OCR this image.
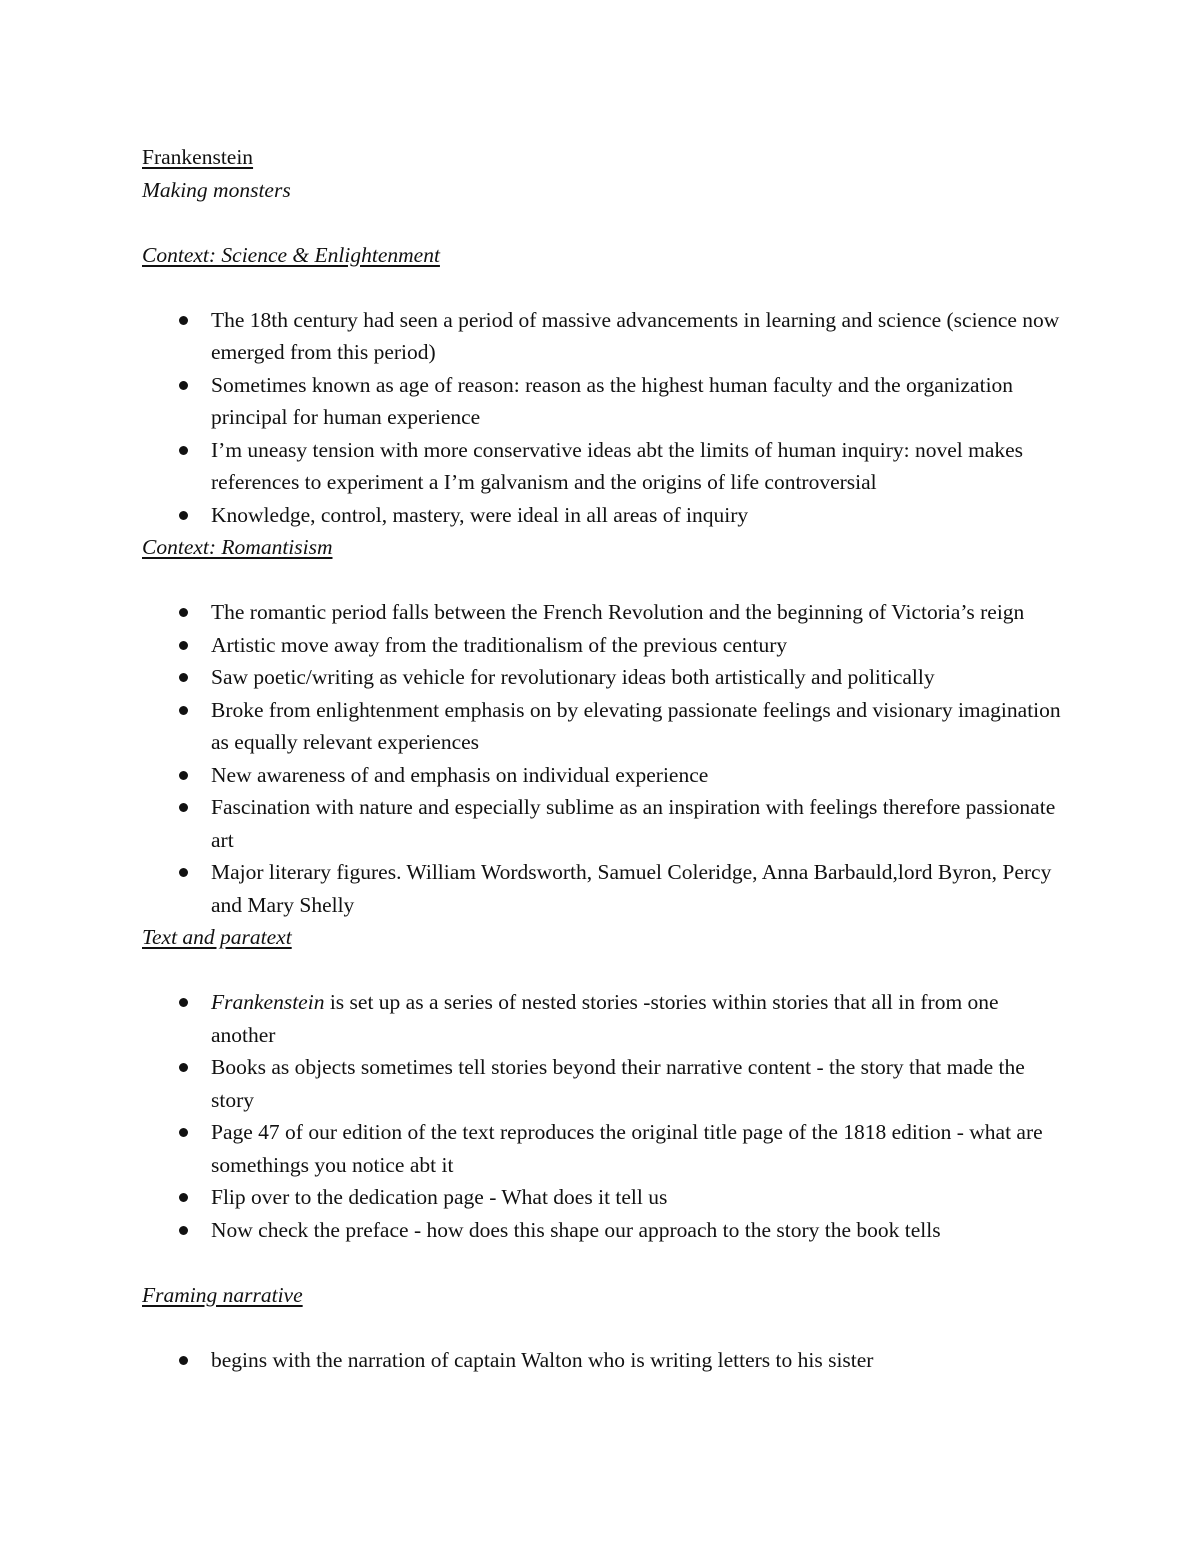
Frankenstein

Making monsters

Context: Science & Enlightenment

The 18th century had seen a period of massive advancements in learning and science (science now emerged from this period)
Sometimes known as age of reason: reason as the highest human faculty and the organization principal for human experience
I’m uneasy tension with more conservative ideas abt the limits of human inquiry: novel makes references to experiment a I’m galvanism and the origins of life controversial
Knowledge, control, mastery, were ideal in all areas of inquiry

Context: Romantisism

The romantic period falls between the French Revolution and the beginning of Victoria’s reign
Artistic move away from the traditionalism of the previous century
Saw poetic/writing as vehicle for revolutionary ideas both artistically and politically
Broke from enlightenment emphasis on by elevating passionate feelings and visionary imagination as equally relevant experiences
New awareness of and emphasis on individual experience
Fascination with nature and especially sublime as an inspiration with feelings therefore passionate art
Major literary figures. William Wordsworth, Samuel Coleridge, Anna Barbauld,lord Byron, Percy and Mary Shelly

Text and paratext

Frankenstein is set up as a series of nested stories -stories within stories that all in from one another
Books as objects sometimes tell stories beyond their narrative content - the story that made the story
Page 47 of our edition of the text reproduces the original title page of the 1818 edition - what are somethings you notice abt it
Flip over to the dedication page - What does it tell us
Now check the preface - how does this shape our approach to the story the book tells

Framing narrative

begins with the narration of captain Walton who is writing letters to his sister
